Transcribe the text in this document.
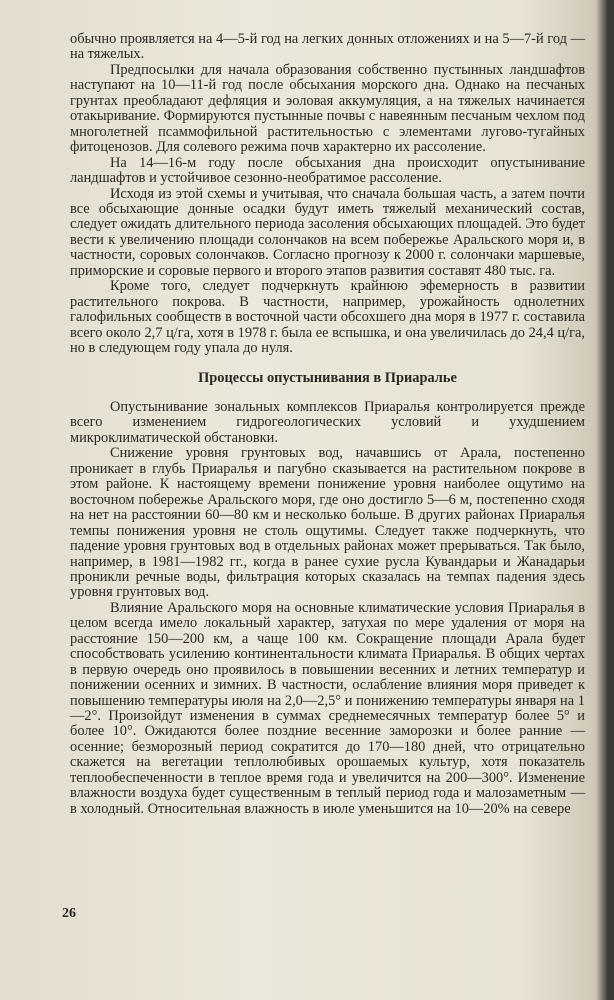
обычно проявляется на 4—5-й год на легких донных отложениях и на 5—7-й год — на тяжелых.

Предпосылки для начала образования собственно пустынных ландшафтов наступают на 10—11-й год после обсыхания морского дна. Однако на песчаных грунтах преобладают дефляция и эоловая аккумуляция, а на тяжелых начинается отакыривание. Формируются пустынные почвы с навеянным песчаным чехлом под многолетней псаммофильной растительностью с элементами лугово-тугайных фитоценозов. Для солевого режима почв характерно их рассоление.

На 14—16-м году после обсыхания дна происходит опустынивание ландшафтов и устойчивое сезонно-необратимое рассоление.

Исходя из этой схемы и учитывая, что сначала большая часть, а затем почти все обсыхающие донные осадки будут иметь тяжелый механический состав, следует ожидать длительного периода засоления обсыхающих площадей. Это будет вести к увеличению площади солончаков на всем побережье Аральского моря и, в частности, соровых солончаков. Согласно прогнозу к 2000 г. солончаки маршевые, приморские и соровые первого и второго этапов развития составят 480 тыс. га.

Кроме того, следует подчеркнуть крайнюю эфемерность в развитии растительного покрова. В частности, например, урожайность однолетних галофильных сообществ в восточной части обсохшего дна моря в 1977 г. составила всего около 2,7 ц/га, хотя в 1978 г. была ее вспышка, и она увеличилась до 24,4 ц/га, но в следующем году упала до нуля.

Процессы опустынивания в Приаралье

Опустынивание зональных комплексов Приаралья контролируется прежде всего изменением гидрогеологических условий и ухудшением микроклиматической обстановки.

Снижение уровня грунтовых вод, начавшись от Арала, постепенно проникает в глубь Приаралья и пагубно сказывается на растительном покрове в этом районе. К настоящему времени понижение уровня наиболее ощутимо на восточном побережье Аральского моря, где оно достигло 5—6 м, постепенно сходя на нет на расстоянии 60—80 км и несколько больше. В других районах Приаралья темпы понижения уровня не столь ощутимы. Следует также подчеркнуть, что падение уровня грунтовых вод в отдельных районах может прерываться. Так было, например, в 1981—1982 гг., когда в ранее сухие русла Кувандарьи и Жанадарьи проникли речные воды, фильтрация которых сказалась на темпах падения здесь уровня грунтовых вод.

Влияние Аральского моря на основные климатические условия Приаралья в целом всегда имело локальный характер, затухая по мере удаления от моря на расстояние 150—200 км, а чаще 100 км. Сокращение площади Арала будет способствовать усилению континентальности климата Приаралья. В общих чертах в первую очередь оно проявилось в повышении весенних и летних температур и понижении осенних и зимних. В частности, ослабление влияния моря приведет к повышению температуры июля на 2,0—2,5° и понижению температуры января на 1—2°. Произойдут изменения в суммах среднемесячных температур более 5° и более 10°. Ожидаются более поздние весенние заморозки и более ранние — осенние; безморозный период сократится до 170—180 дней, что отрицательно скажется на вегетации теплолюбивых орошаемых культур, хотя показатель теплообеспеченности в теплое время года и увеличится на 200—300°. Изменение влажности воздуха будет существенным в теплый период года и малозаметным — в холодный. Относительная влажность в июле уменьшится на 10—20% на севере

26
